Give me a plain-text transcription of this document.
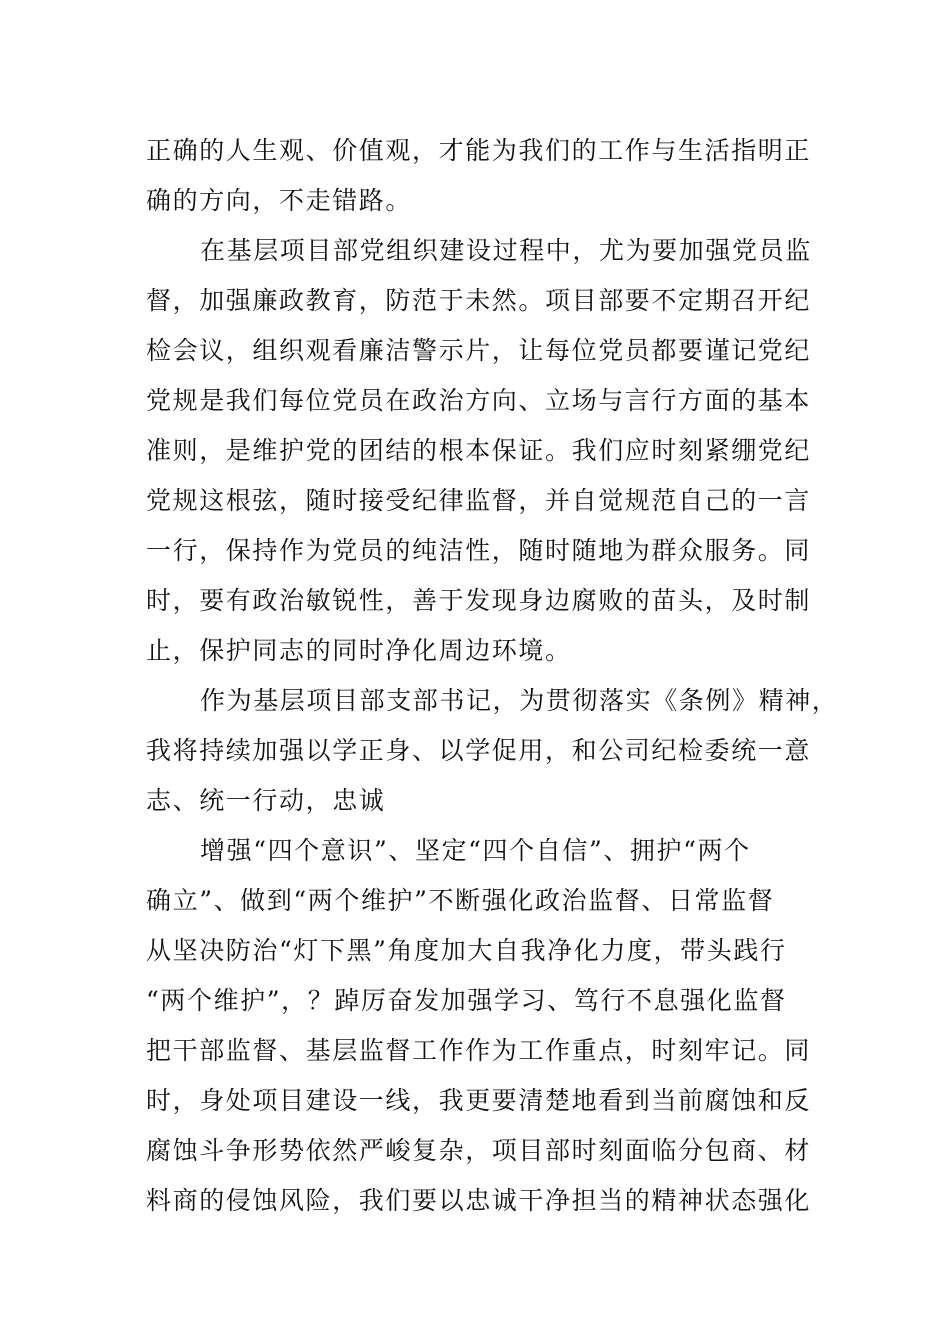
正确的人生观、价值观，才能为我们的工作与生活指明正
确的方向，不走错路。
在基层项目部党组织建设过程中，尤为要加强党员监
督，加强廉政教育，防范于未然。项目部要不定期召开纪
检会议，组织观看廉洁警示片，让每位党员都要谨记党纪
党规是我们每位党员在政治方向、立场与言行方面的基本
准则，是维护党的团结的根本保证。我们应时刻紧绷党纪
党规这根弦，随时接受纪律监督，并自觉规范自己的一言
一行，保持作为党员的纯洁性，随时随地为群众服务。同
时，要有政治敏锐性，善于发现身边腐败的苗头，及时制
止，保护同志的同时净化周边环境。
作为基层项目部支部书记，为贯彻落实《条例》精神，
我将持续加强以学正身、以学促用，和公司纪检委统一意
志、统一行动，忠诚
增强“四个意识”、坚定“四个自信”、拥护“两个
确立”、做到“两个维护”不断强化政治监督、日常监督
从坚决防治“灯下黑”角度加大自我净化力度，带头践行
“两个维护”，？踔厉奋发加强学习、笃行不息强化监督
把干部监督、基层监督工作作为工作重点，时刻牢记。同
时，身处项目建设一线，我更要清楚地看到当前腐蚀和反
腐蚀斗争形势依然严峻复杂，项目部时刻面临分包商、材
料商的侵蚀风险，我们要以忠诚干净担当的精神状态强化
